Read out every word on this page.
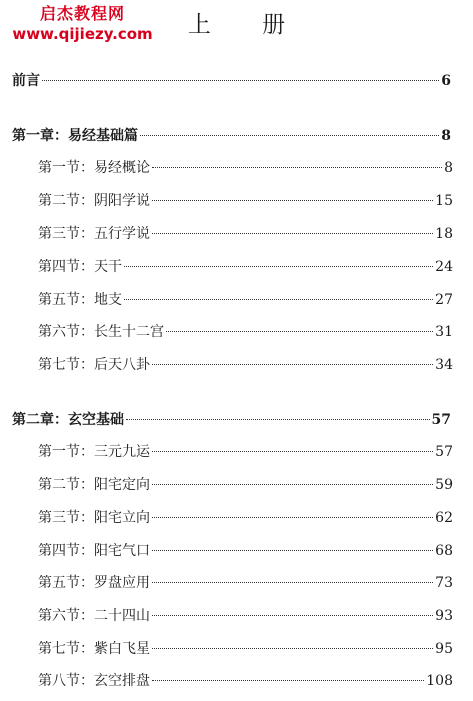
启杰教程网
www.qijiezy.com	上 册
前言	6
第一章：易经基础篇	8
第一节：易经概论	8
第二节：阴阳学说	15
第三节：五行学说	18
第四节：天干	24
第五节：地支	27
第六节：长生十二宫	31
第七节：后天八卦	34
第二章：玄空基础	57
第一节：三元九运	57
第二节：阳宅定向	59
第三节：阳宅立向	62
第四节：阳宅气口	68
第五节：罗盘应用	73
第六节：二十四山	93
第七节：紫白飞星	95
第八节：玄空排盘	108
